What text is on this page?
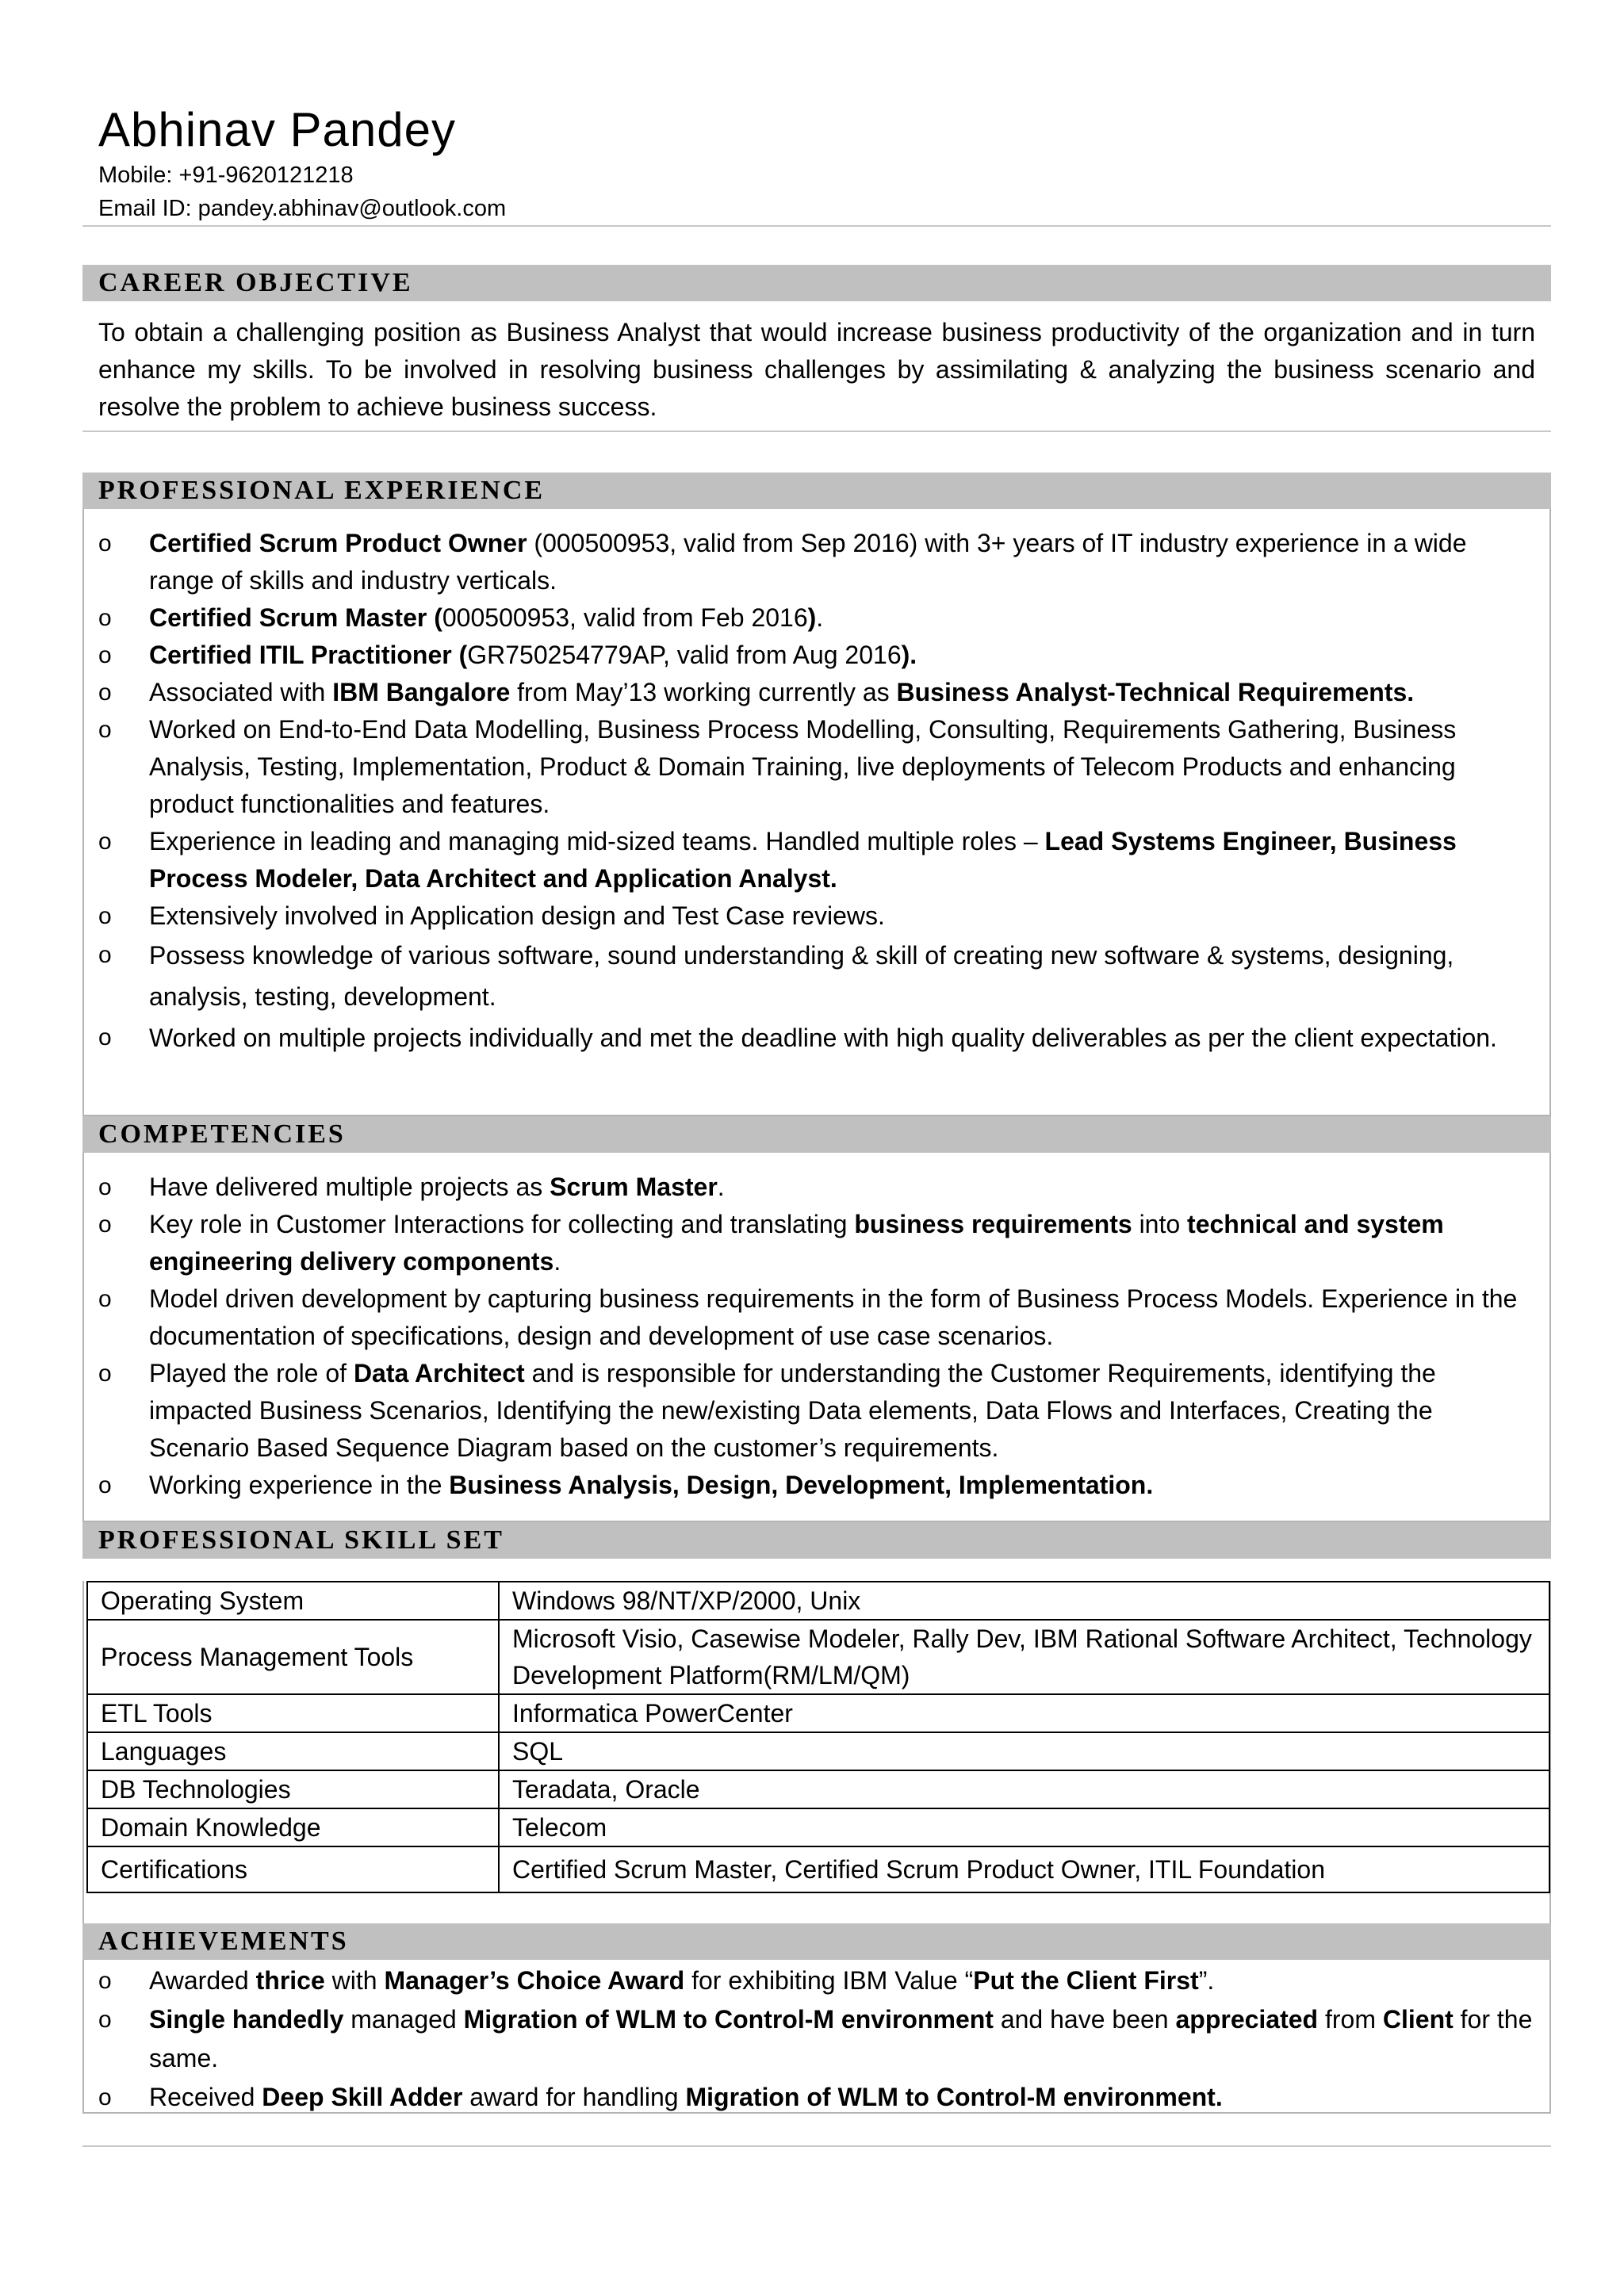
Abhinav Pandey
Mobile: +91-9620121218
Email ID: pandey.abhinav@outlook.com
CAREER OBJECTIVE
To obtain a challenging position as Business Analyst that would increase business productivity of the organization and in turn enhance my skills. To be involved in resolving business challenges by assimilating & analyzing the business scenario and resolve the problem to achieve business success.
PROFESSIONAL EXPERIENCE
o Certified Scrum Product Owner (000500953, valid from Sep 2016) with 3+ years of IT industry experience in a wide range of skills and industry verticals.
o Certified Scrum Master (000500953, valid from Feb 2016).
o Certified ITIL Practitioner (GR750254779AP, valid from Aug 2016).
o Associated with IBM Bangalore from May’13 working currently as Business Analyst-Technical Requirements.
o Worked on End-to-End Data Modelling, Business Process Modelling, Consulting, Requirements Gathering, Business Analysis, Testing, Implementation, Product & Domain Training, live deployments of Telecom Products and enhancing product functionalities and features.
o Experience in leading and managing mid-sized teams. Handled multiple roles – Lead Systems Engineer, Business Process Modeler, Data Architect and Application Analyst.
o Extensively involved in Application design and Test Case reviews.
o Possess knowledge of various software, sound understanding & skill of creating new software & systems, designing, analysis, testing, development.
o Worked on multiple projects individually and met the deadline with high quality deliverables as per the client expectation.
COMPETENCIES
o Have delivered multiple projects as Scrum Master.
o Key role in Customer Interactions for collecting and translating business requirements into technical and system engineering delivery components.
o Model driven development by capturing business requirements in the form of Business Process Models. Experience in the documentation of specifications, design and development of use case scenarios.
o Played the role of Data Architect and is responsible for understanding the Customer Requirements, identifying the impacted Business Scenarios, Identifying the new/existing Data elements, Data Flows and Interfaces, Creating the Scenario Based Sequence Diagram based on the customer’s requirements.
o Working experience in the Business Analysis, Design, Development, Implementation.
PROFESSIONAL SKILL SET
Operating System	Windows 98/NT/XP/2000, Unix
Process Management Tools	Microsoft Visio, Casewise Modeler, Rally Dev, IBM Rational Software Architect, Technology Development Platform(RM/LM/QM)
ETL Tools	Informatica PowerCenter
Languages	SQL
DB Technologies	Teradata, Oracle
Domain Knowledge	Telecom
Certifications	Certified Scrum Master, Certified Scrum Product Owner, ITIL Foundation
ACHIEVEMENTS
o Awarded thrice with Manager’s Choice Award for exhibiting IBM Value “Put the Client First”.
o Single handedly managed Migration of WLM to Control-M environment and have been appreciated from Client for the same.
o Received Deep Skill Adder award for handling Migration of WLM to Control-M environment.
